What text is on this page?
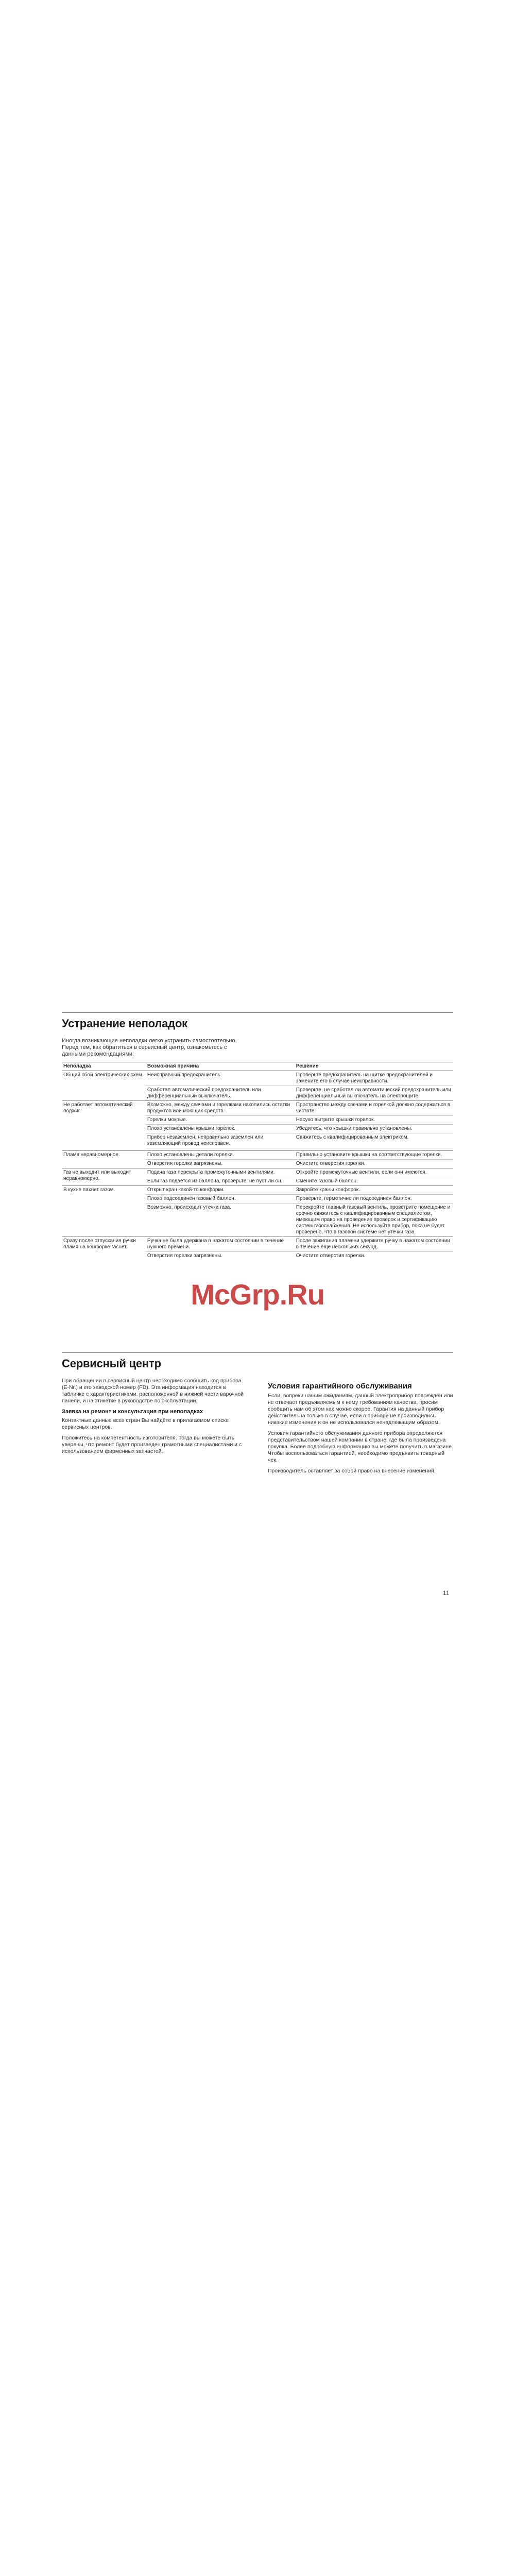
Устранение неполадок
Иногда возникающие неполадки легко устранить самостоятельно. Перед тем, как обратиться в сервисный центр, ознакомьтесь с данными рекомендациями:
Неполадка	Возможная причина	Решение
Общий сбой электрических схем.	Неисправный предохранитель.	Проверьте предохранитель на щитке предохранителей и замените его в случае неисправности.
	Сработал автоматический предохранитель или дифференциальный выключатель.	Проверьте, не сработал ли автоматический предохранитель или дифференциальный выключатель на электрощите.
Не работает автоматический поджиг.	Возможно, между свечами и горелками накопились остатки продуктов или моющих средств.	Пространство между свечами и горелкой должно содержаться в чистоте.
	Горелки мокрые.	Насухо вытрите крышки горелок.
	Плохо установлены крышки горелок.	Убедитесь, что крышки правильно установлены.
	Прибор незаземлен, неправильно заземлен или заземляющий провод неисправен.	Свяжитесь с квалифицированным электриком.

Пламя неравномерное.	Плохо установлены детали горелки.	Правильно установите крышки на соответствующие горелки.
	Отверстия горелки загрязнены.	Очистите отверстия горелки.
Газ не выходит или выходит неравномерно.	Подача газа перекрыта промежуточными вентилями.	Откройте промежуточные вентили, если они имеются.
	Если газ подается из баллона, проверьте, не пуст ли он.	Смените газовый баллон.
В кухне пахнет газом.	Открыт кран какой-то конфорки.	Закройте краны конфорок.
	Плохо подсоединен газовый баллон.	Проверьте, герметично ли подсоединен баллон.
	Возможно, происходит утечка газа.	Перекройте главный газовый вентиль, проветрите помещение и срочно свяжитесь с квалифицированным специалистом, имеющим право на проведение проверок и сертификацию систем газоснабжения. Не используйте прибор, пока не будет проверено, что в газовой системе нет утечки газа.
Сразу после отпускания ручки пламя на конфорке гаснет.	Ручка не была удержана в нажатом состоянии в течение нужного времени.	После зажигания пламени удержите ручку в нажатом состоянии в течение еще нескольких секунд.
	Отверстия горелки загрязнены.	Очистите отверстия горелки.
McGrp.Ru
Сервисный центр

При обращении в сервисный центр необходимо сообщить код прибора (E-Nr.) и его заводской номер (FD). Эта информация находится в табличке с характеристиками, расположенной в нижней части варочной панели, и на этикетке в руководстве по эксплуатации.

Заявка на ремонт и консультация при неполадках

Контактные данные всех стран Вы найдёте в прилагаемом списке сервисных центров.

Положитесь на компетентность изготовителя. Тогда вы можете быть уверены, что ремонт будет произведен грамотными специалистами и с использованием фирменных запчастей.

Условия гарантийного обслуживания

Если, вопреки нашим ожиданиям, данный электроприбор повреждён или не отвечает предъявляемым к нему требованиям качества, просим сообщить нам об этом как можно скорее. Гарантия на данный прибор действительна только в случае, если в приборе не производились никакие изменения и он не использовался ненадлежащим образом.

Условия гарантийного обслуживания данного прибора определяются представительством нашей компании в стране, где была произведена покупка. Более подробную информацию вы можете получить в магазине. Чтобы воспользоваться гарантией, необходимо предъявить товарный чек.

Производитель оставляет за собой право на внесение изменений.

11
